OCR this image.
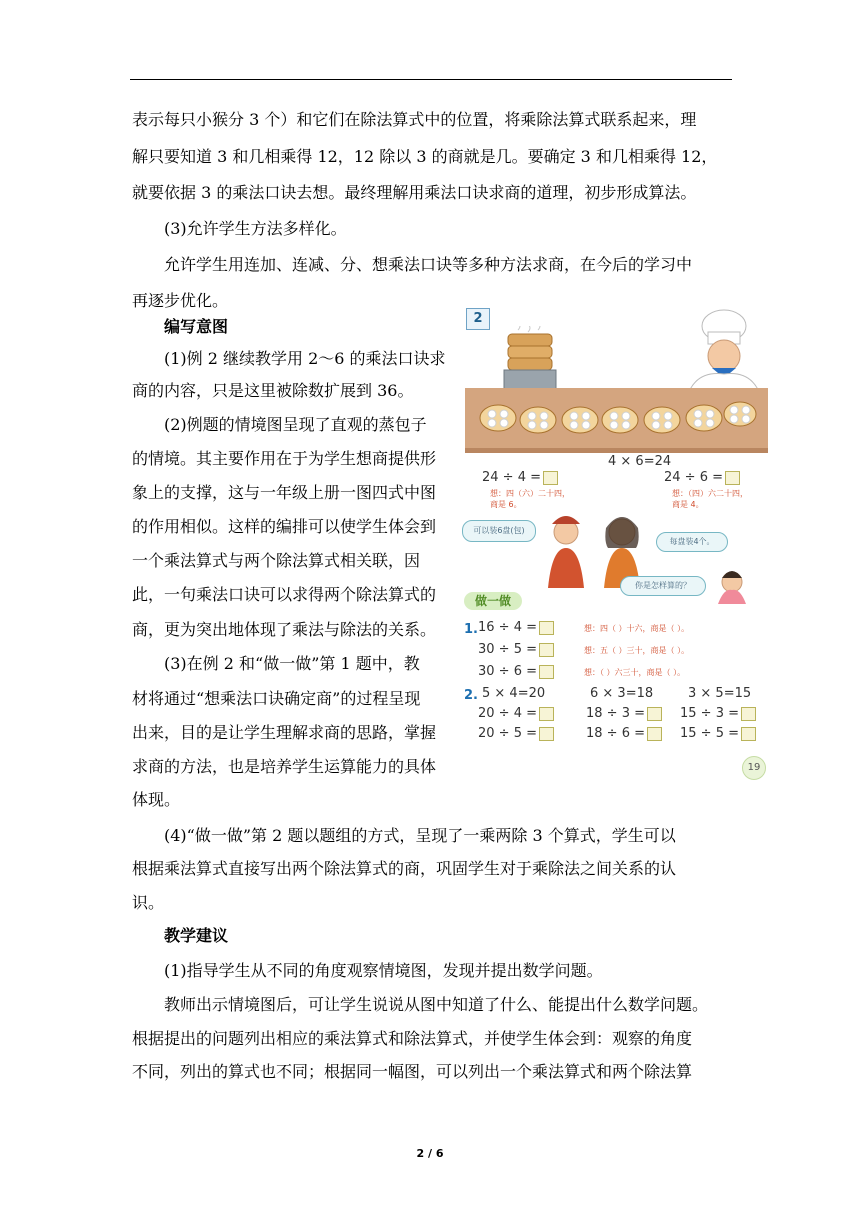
表示每只小猴分 3 个）和它们在除法算式中的位置，将乘除法算式联系起来，理
解只要知道 3 和几相乘得 12，12 除以 3 的商就是几。要确定 3 和几相乘得 12，
就要依据 3 的乘法口诀去想。最终理解用乘法口诀求商的道理，初步形成算法。
(3)允许学生方法多样化。
允许学生用连加、连减、分、想乘法口诀等多种方法求商，在今后的学习中
再逐步优化。
编写意图
(1)例 2 继续教学用 2～6 的乘法口诀求
商的内容，只是这里被除数扩展到 36。
(2)例题的情境图呈现了直观的蒸包子
的情境。其主要作用在于为学生想商提供形
象上的支撑，这与一年级上册一图四式中图
的作用相似。这样的编排可以使学生体会到
一个乘法算式与两个除法算式相关联，因
此，一句乘法口诀可以求得两个除法算式的
商，更为突出地体现了乘法与除法的关系。
(3)在例 2 和“做一做”第 1 题中，教
材将通过“想乘法口诀确定商”的过程呈现
出来，目的是让学生理解求商的思路，掌握
求商的方法，也是培养学生运算能力的具体
体现。
(4)“做一做”第 2 题以题组的方式，呈现了一乘两除 3 个算式，学生可以
根据乘法算式直接写出两个除法算式的商，巩固学生对于乘除法之间关系的认
识。
教学建议
(1)指导学生从不同的角度观察情境图，发现并提出数学问题。
教师出示情境图后，可让学生说说从图中知道了什么、能提出什么数学问题。
根据提出的问题列出相应的乘法算式和除法算式，并使学生体会到：观察的角度
不同，列出的算式也不同；根据同一幅图，可以列出一个乘法算式和两个除法算
2
4 × 6=24
24 ÷ 4 =	24 ÷ 6 =
想：四（六）二十四，
商是 6。
想：（四）六二十四，
商是 4。
可以装6盘(包)
每盘装4个。
你是怎样算的？
做一做
1. 16 ÷ 4 =	想：四（ ）十六，商是（ ）。
30 ÷ 5 =	想：五（ ）三十，商是（ ）。
30 ÷ 6 =	想：（ ）六三十，商是（ ）。
2. 5 × 4=20	6 × 3=18	3 × 5=15
20 ÷ 4 =	18 ÷ 3 =	15 ÷ 3 =
20 ÷ 5 =	18 ÷ 6 =	15 ÷ 5 =
19
2 / 6
